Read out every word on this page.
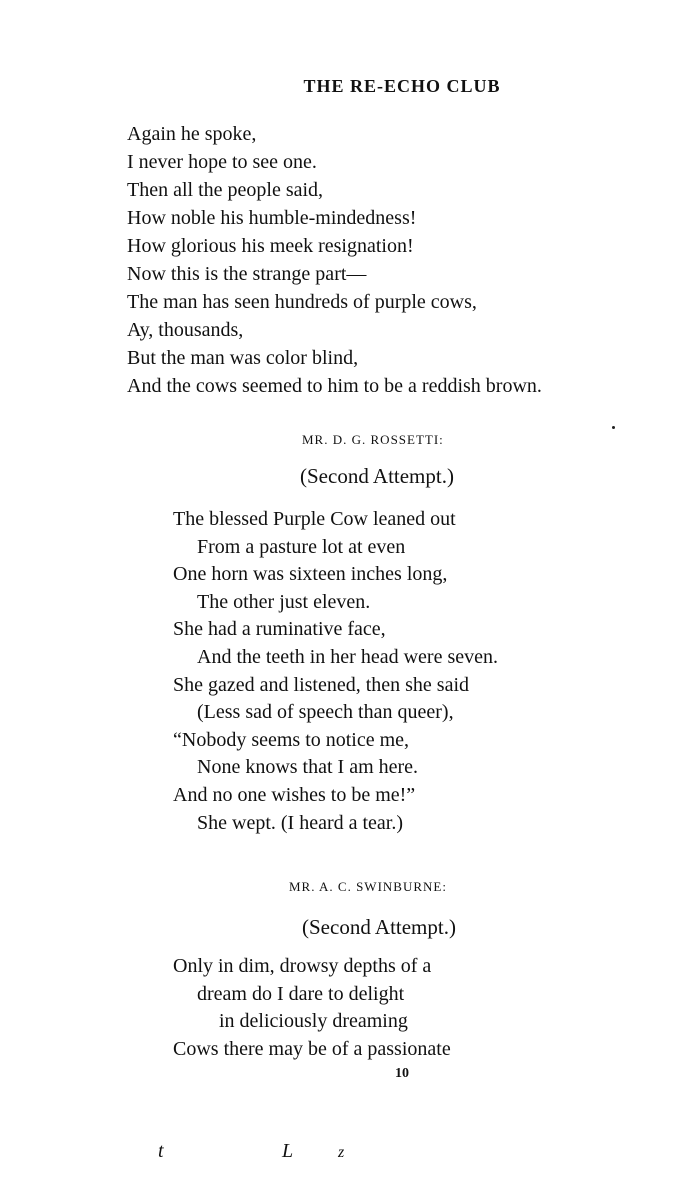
THE RE-ECHO CLUB
Again he spoke,
I never hope to see one.
Then all the people said,
How noble his humble-mindedness!
How glorious his meek resignation!
Now this is the strange part—
The man has seen hundreds of purple cows,
Ay, thousands,
But the man was color blind,
And the cows seemed to him to be a reddish brown.
MR. D. G. ROSSETTI:
(Second Attempt.)
The blessed Purple Cow leaned out
From a pasture lot at even
One horn was sixteen inches long,
The other just eleven.
She had a ruminative face,
And the teeth in her head were seven.
She gazed and listened, then she said
(Less sad of speech than queer),
“Nobody seems to notice me,
None knows that I am here.
And no one wishes to be me!”
She wept. (I heard a tear.)
MR. A. C. SWINBURNE:
(Second Attempt.)
Only in dim, drowsy depths of a
dream do I dare to delight
in deliciously dreaming
Cows there may be of a passionate
10
t	L	z
